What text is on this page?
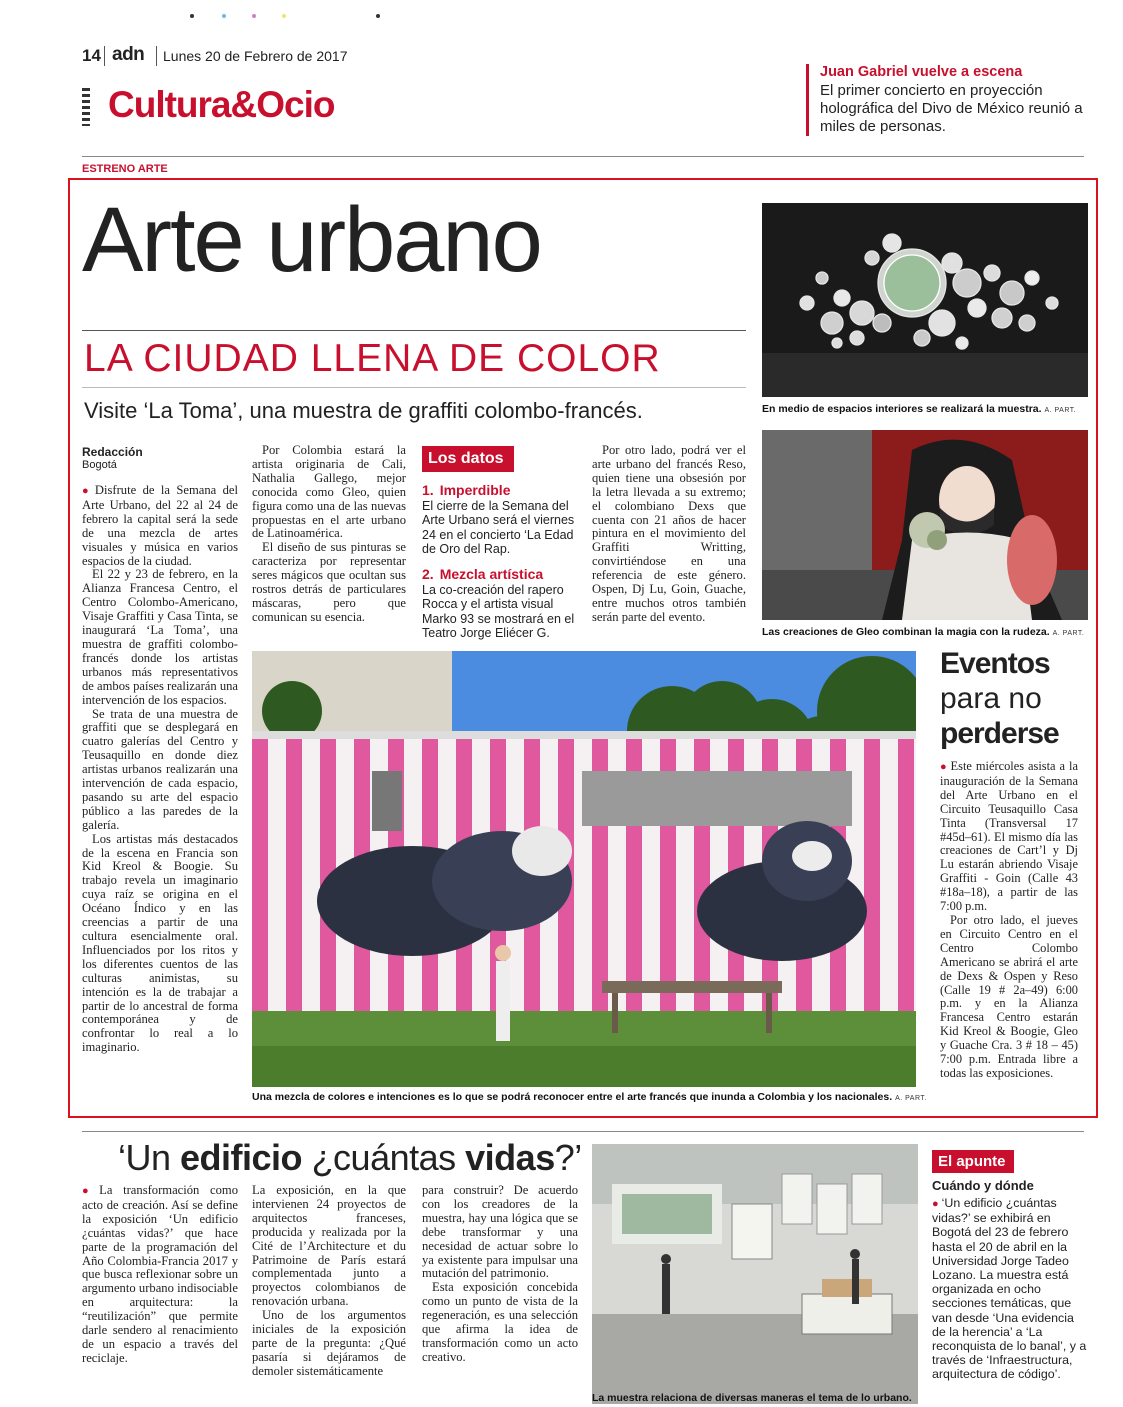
14 adn Lunes 20 de Febrero de 2017
Cultura&Ocio
Juan Gabriel vuelve a escena
El primer concierto en proyección holográfica del Divo de México reunió a miles de personas.
ESTRENO ARTE
Arte urbano
LA CIUDAD LLENA DE COLOR
Visite ‘La Toma’, una muestra de graffiti colombo-francés.
Redacción
Bogotá

● Disfrute de la Semana del Arte Urbano, del 22 al 24 de febrero la capital será la sede de una mezcla de artes visuales y música en varios espacios de la ciudad.

El 22 y 23 de febrero, en la Alianza Francesa Centro, el Centro Colombo-Americano, Visaje Graffiti y Casa Tinta, se inaugurará ‘La Toma’, una muestra de graffiti colombo-francés donde los artistas urbanos más representativos de ambos países realizarán una intervención de los espacios.

Se trata de una muestra de graffiti que se desplegará en cuatro galerías del Centro y Teusaquillo en donde diez artistas urbanos realizarán una intervención de cada espacio, pasando su arte del espacio público a las paredes de la galería.

Los artistas más destacados de la escena en Francia son Kid Kreol & Boogie. Su trabajo revela un imaginario cuya raíz se origina en el Océano Índico y en las creencias a partir de una cultura esencialmente oral. Influenciados por los ritos y los diferentes cuentos de las culturas animistas, su intención es la de trabajar a partir de lo ancestral de forma contemporánea y de confrontar lo real a lo imaginario.

Por Colombia estará la artista originaria de Cali, Nathalia Gallego, mejor conocida como Gleo, quien figura como una de las nuevas propuestas en el arte urbano de Latinoamérica.

El diseño de sus pinturas se caracteriza por representar seres mágicos que ocultan sus rostros detrás de particulares máscaras, pero que comunican su esencia.

Los datos
1. Imperdible
El cierre de la Semana del Arte Urbano será el viernes 24 en el concierto ‘La Edad de Oro del Rap.
2. Mezcla artística
La co-creación del rapero Rocca y el artista visual Marko 93 se mostrará en el Teatro Jorge Eliécer G.

Por otro lado, podrá ver el arte urbano del francés Reso, quien tiene una obsesión por la letra llevada a su extremo; el colombiano Dexs que cuenta con 21 años de hacer pintura en el movimiento del Graffiti Writting, convirtiéndose en una referencia de este género. Ospen, Dj Lu, Goin, Guache, entre muchos otros también serán parte del evento.

En medio de espacios interiores se realizará la muestra. A. PART.
Las creaciones de Gleo combinan la magia con la rudeza. A. PART.
Una mezcla de colores e intenciones es lo que se podrá reconocer entre el arte francés que inunda a Colombia y los nacionales. A. PART.
Eventos
para no
perderse

● Este miércoles asista a la inauguración de la Semana del Arte Urbano en el Circuito Teusaquillo Casa Tinta (Transversal 17 #45d–61). El mismo día las creaciones de Cart’l y Dj Lu estarán abriendo Visaje Graffiti - Goin (Calle 43 #18a–18), a partir de las 7:00 p.m.

Por otro lado, el jueves en Circuito Centro en el Centro Colombo Americano se abrirá el arte de Dexs & Ospen y Reso (Calle 19 # 2a–49) 6:00 p.m. y en la Alianza Francesa Centro estarán Kid Kreol & Boogie, Gleo y Guache Cra. 3 # 18 – 45) 7:00 p.m. Entrada libre a todas las exposiciones.

‘Un edificio ¿cuántas vidas?’

● La transformación como acto de creación. Así se define la exposición ‘Un edificio ¿cuántas vidas?’ que hace parte de la programación del Año Colombia-Francia 2017 y que busca reflexionar sobre un argumento urbano indisociable en arquitectura: la “reutilización” que permite darle sendero al renacimiento de un espacio a través del reciclaje.

La exposición, en la que intervienen 24 proyectos de arquitectos franceses, producida y realizada por la Cité de l’Architecture et du Patrimoine de París estará complementada junto a proyectos colombianos de renovación urbana.

Uno de los argumentos iniciales de la exposición parte de la pregunta: ¿Qué pasaría si dejáramos de demoler sistemáticamente

para construir? De acuerdo con los creadores de la muestra, hay una lógica que se debe transformar y una necesidad de actuar sobre lo ya existente para impulsar una mutación del patrimonio.

Esta exposición concebida como un punto de vista de la regeneración, es una selección que afirma la idea de transformación como un acto creativo.

La muestra relaciona de diversas maneras el tema de lo urbano.
El apunte
Cuándo y dónde
● ‘Un edificio ¿cuántas vidas?’ se exhibirá en Bogotá del 23 de febrero hasta el 20 de abril en la Universidad Jorge Tadeo Lozano. La muestra está organizada en ocho secciones temáticas, que van desde ‘Una evidencia de la herencia’ a ‘La reconquista de lo banal’, y a través de ‘Infraestructura, arquitectura de código’.
